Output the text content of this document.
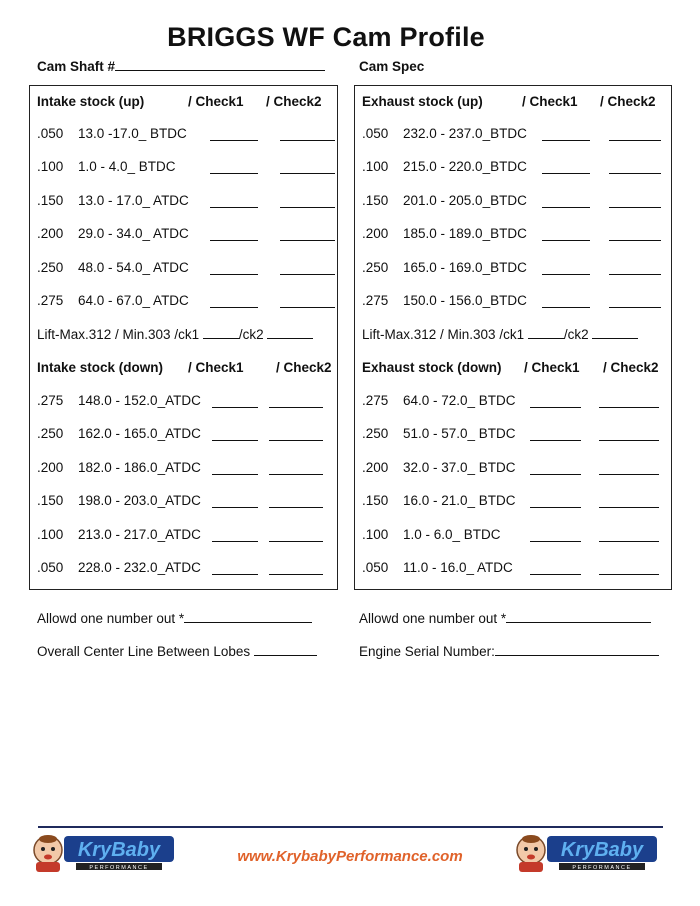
BRIGGS WF Cam Profile
Cam Shaft #	Cam Spec
Intake stock (up)	/ Check1 / Check2
.050 13.0 -17.0_ BTDC
.100 1.0 - 4.0_ BTDC
.150 13.0 - 17.0_ ATDC
.200 29.0 - 34.0_ ATDC
.250 48.0 - 54.0_ ATDC
.275 64.0 - 67.0_ ATDC
Lift-Max.312 / Min.303 /ck1	/ck2
Intake stock (down) / Check1 / Check2
.275 148.0 - 152.0_ATDC
.250 162.0 - 165.0_ATDC
.200 182.0 - 186.0_ATDC
.150 198.0 - 203.0_ATDC
.100 213.0 - 217.0_ATDC
.050 228.0 - 232.0_ATDC
Exhaust stock (up)	/ Check1 / Check2
.050 232.0 - 237.0_BTDC
.100 215.0 - 220.0_BTDC
.150 201.0 - 205.0_BTDC
.200 185.0 - 189.0_BTDC
.250 165.0 - 169.0_BTDC
.275 150.0 - 156.0_BTDC
Lift-Max.312 / Min.303 /ck1	/ck2
Exhaust stock (down) / Check1 / Check2
.275 64.0 - 72.0_ BTDC
.250 51.0 - 57.0_ BTDC
.200 32.0 - 37.0_ BTDC
.150 16.0 - 21.0_ BTDC
.100 1.0 - 6.0_ BTDC
.050 11.0 - 16.0_ ATDC
Allowd one number out *	Allowd one number out *
Overall Center Line Between Lobes	Engine Serial Number:
KryBaby
PERFORMANCE
www.KrybabyPerformance.com	KryBaby
PERFORMANCE
